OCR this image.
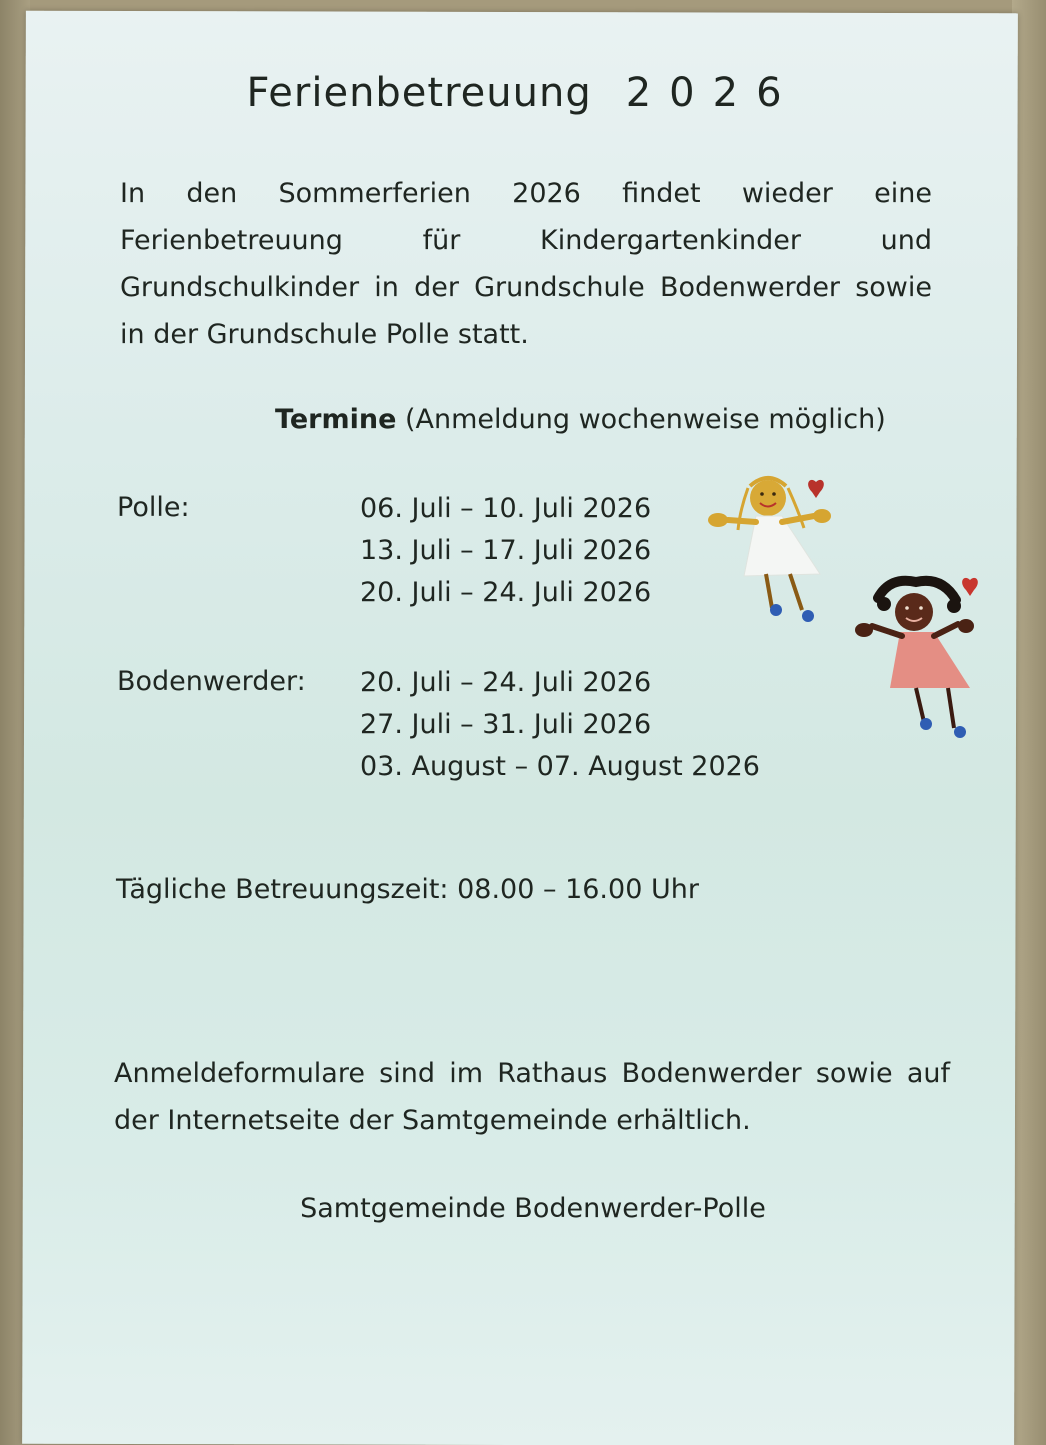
Ferienbetreuung 2026

In den Sommerferien 2026 findet wieder eine Ferienbetreuung für Kindergartenkinder und Grundschulkinder in der Grundschule Bodenwerder sowie in der Grundschule Polle statt.

Termine (Anmeldung wochenweise möglich)

Polle:	06. Juli – 10. Juli 2026
13. Juli – 17. Juli 2026
20. Juli – 24. Juli 2026
Bodenwerder: 20. Juli – 24. Juli 2026
27. Juli – 31. Juli 2026
03. August – 07. August 2026
Tägliche Betreuungszeit: 08.00 – 16.00 Uhr

Anmeldeformulare sind im Rathaus Bodenwerder sowie auf der Internetseite der Samtgemeinde erhältlich.

Samtgemeinde Bodenwerder-Polle
